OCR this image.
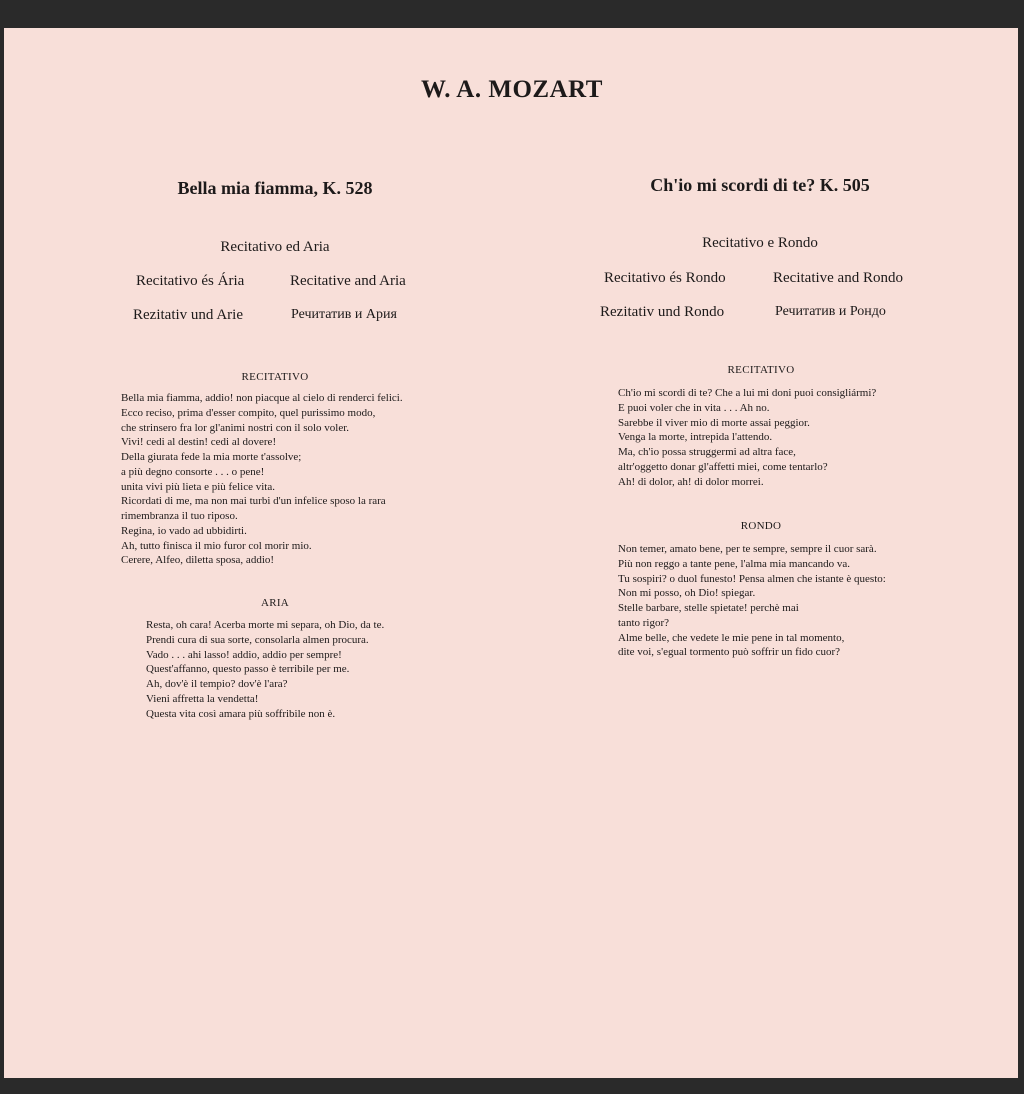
W. A. MOZART
Bella mia fiamma, K. 528
Recitativo ed Aria
Recitativo és Ária	Recitative and Aria
Rezitativ und Arie	Речитатив и Ария
RECITATIVO
Bella mia fiamma, addio! non piacque al cielo di renderci felici.
Ecco reciso, prima d'esser compito, quel purissimo modo,
che strinsero fra lor gl'animi nostri con il solo voler.
Vivi! cedi al destin! cedi al dovere!
Della giurata fede la mia morte t'assolve;
a più degno consorte . . . o pene!
unita vivi più lieta e più felice vita.
Ricordati di me, ma non mai turbi d'un infelice sposo la rara
rimembranza il tuo riposo.
Regina, io vado ad ubbidirti.
Ah, tutto finisca il mio furor col morir mio.
Cerere, Alfeo, diletta sposa, addio!
ARIA
Resta, oh cara! Acerba morte mi separa, oh Dio, da te.
Prendi cura di sua sorte, consolarla almen procura.
Vado . . . ahi lasso! addio, addio per sempre!
Quest'affanno, questo passo è terribile per me.
Ah, dov'è il tempio? dov'è l'ara?
Vieni affretta la vendetta!
Questa vita così amara più soffribile non è.
Ch'io mi scordi di te? K. 505
Recitativo e Rondo
Recitativo és Rondo	Recitative and Rondo
Rezitativ und Rondo	Речитатив и Рондо
RECITATIVO
Ch'io mi scordi di te? Che a lui mi doni puoi consigliármi?
E puoi voler che in vita . . . Ah no.
Sarebbe il viver mio di morte assai peggior.
Venga la morte, intrepida l'attendo.
Ma, ch'io possa struggermi ad altra face,
altr'oggetto donar gl'affetti miei, come tentarlo?
Ah! di dolor, ah! di dolor morrei.
RONDO
Non temer, amato bene, per te sempre, sempre il cuor sarà.
Più non reggo a tante pene, l'alma mia mancando va.
Tu sospiri? o duol funesto! Pensa almen che istante è questo:
Non mi posso, oh Dio! spiegar.
Stelle barbare, stelle spietate! perchè mai
tanto rigor?
Alme belle, che vedete le mie pene in tal momento,
dite voi, s'egual tormento può soffrir un fido cuor?
